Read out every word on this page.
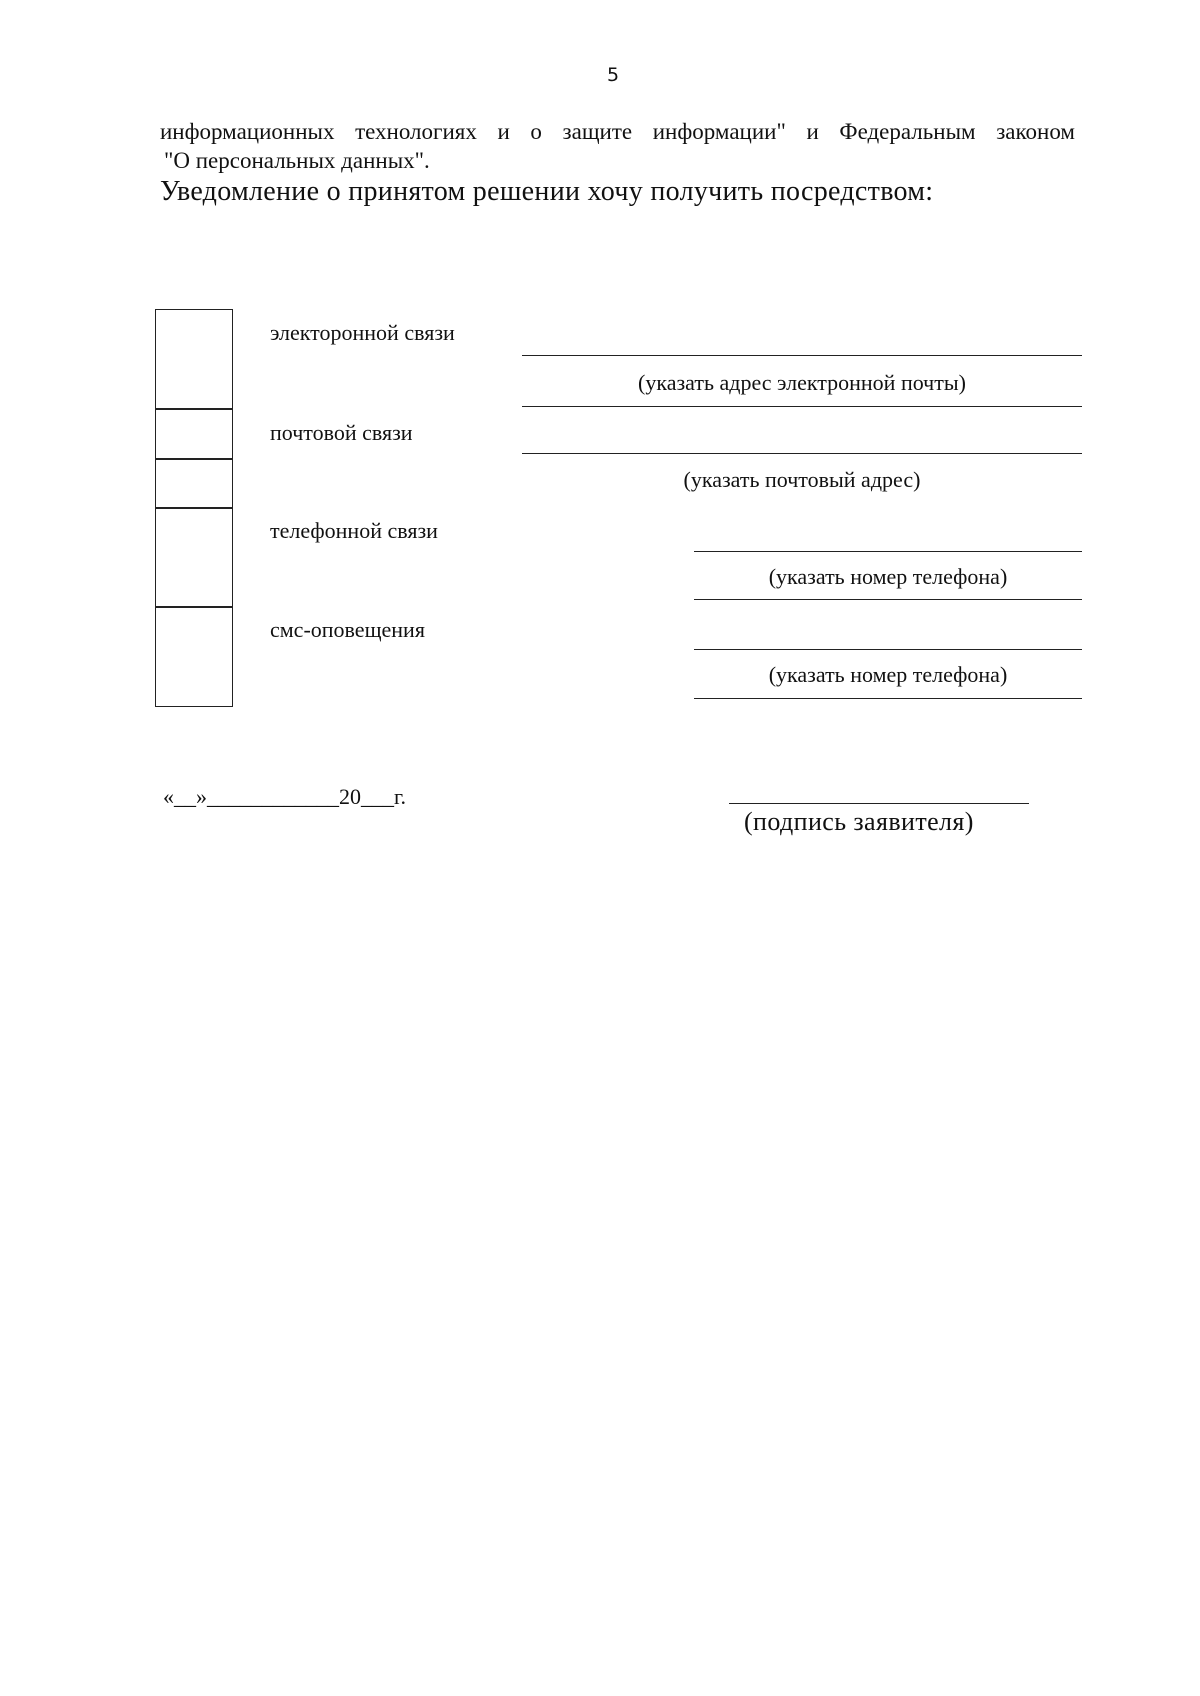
5
информационных технологиях и о защите информации" и Федеральным законом
"О персональных данных".
Уведомление о принятом решении хочу получить посредством:
электоронной связи
почтовой связи
телефонной связи
смс-оповещения
(указать адрес электронной почты)
(указать почтовый адрес)
(указать номер телефона)
(указать номер телефона)
«__»____________20___г.
(подпись заявителя)
